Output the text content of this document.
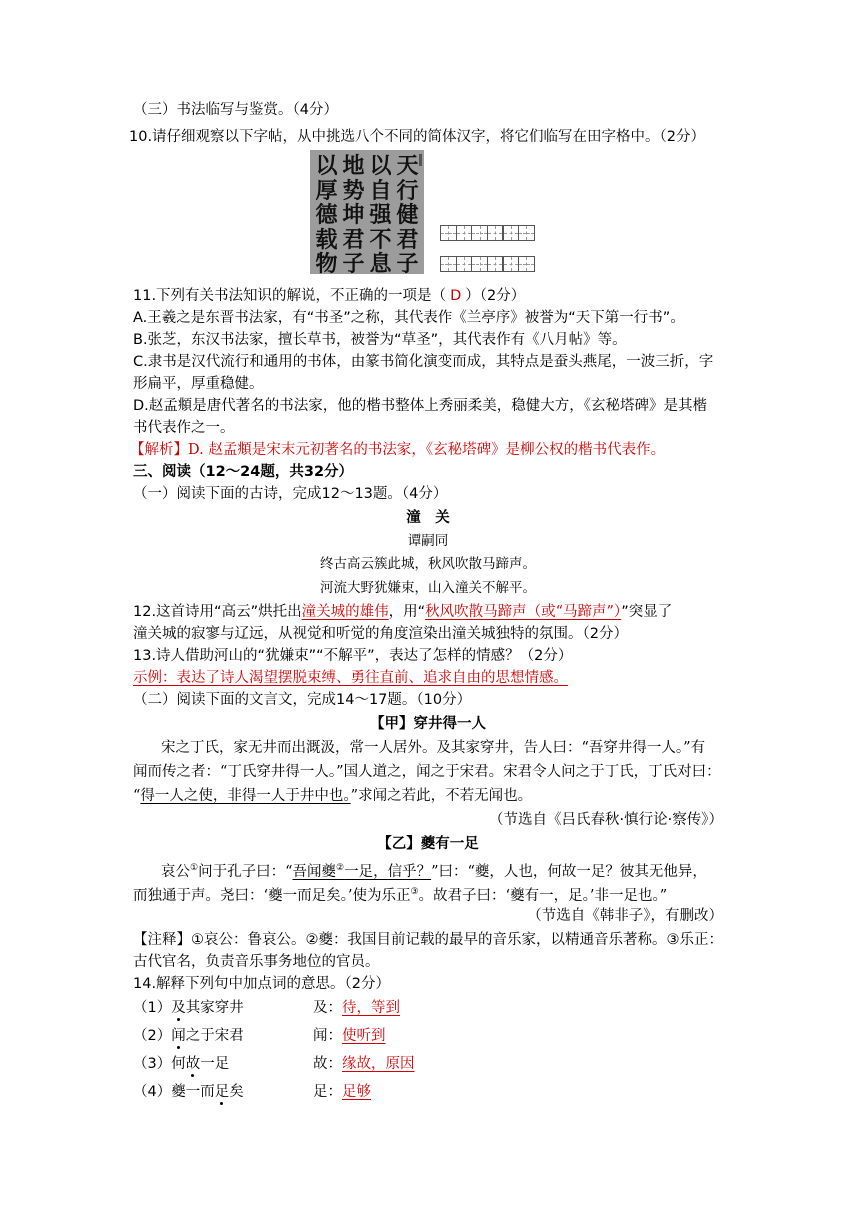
（三）书法临写与鉴赏。（4分）
10.请仔细观察以下字帖，从中挑选八个不同的简体汉字，将它们临写在田字格中。（2分）
天
行
健
君
子
以
自
强
不
息
地
势
坤
君
子
以
厚
德
载
物
11.下列有关书法知识的解说，不正确的一项是（ D ）（2分）
A.王羲之是东晋书法家，有“书圣”之称，其代表作《兰亭序》被誉为“天下第一行书”。
B.张芝，东汉书法家，擅长草书，被誉为“草圣”，其代表作有《八月帖》等。
C.隶书是汉代流行和通用的书体，由篆书简化演变而成，其特点是蚕头燕尾，一波三折，字
形扁平，厚重稳健。
D.赵孟頫是唐代著名的书法家，他的楷书整体上秀丽柔美，稳健大方，《玄秘塔碑》是其楷
书代表作之一。
【解析】D. 赵孟頫是宋末元初著名的书法家，《玄秘塔碑》是柳公权的楷书代表作。
三、阅读（12～24题，共32分）
（一）阅读下面的古诗，完成12～13题。（4分）
潼　关
谭嗣同
终古高云簇此城，秋风吹散马蹄声。
河流大野犹嫌束，山入潼关不解平。
12.这首诗用“高云”烘托出潼关城的雄伟，用“秋风吹散马蹄声（或“马蹄声”）”突显了
潼关城的寂寥与辽远，从视觉和听觉的角度渲染出潼关城独特的氛围。（2分）
13.诗人借助河山的“犹嫌束”“不解平”，表达了怎样的情感？（2分）
示例：表达了诗人渴望摆脱束缚、勇往直前、追求自由的思想情感。
（二）阅读下面的文言文，完成14～17题。（10分）
【甲】穿井得一人
宋之丁氏，家无井而出溉汲，常一人居外。及其家穿井，告人曰：“吾穿井得一人。”有
闻而传之者：“丁氏穿井得一人。”国人道之，闻之于宋君。宋君令人问之于丁氏，丁氏对曰：
“得一人之使，非得一人于井中也。”求闻之若此，不若无闻也。
（节选自《吕氏春秋·慎行论·察传》）
【乙】夔有一足
哀公①问于孔子曰：“吾闻夔②一足，信乎？”曰：“夔，人也，何故一足？彼其无他异，
而独通于声。尧曰：‘夔一而足矣。’使为乐正③。故君子曰：‘夔有一，足。’非一足也。”
（节选自《韩非子》，有删改）
【注释】①哀公：鲁哀公。②夔：我国目前记载的最早的音乐家，以精通音乐著称。③乐正：
古代官名，负责音乐事务地位的官员。
14.解释下列句中加点词的意思。（2分）
（1）及其家穿井	及：待，等到
（2）闻之于宋君	闻：使听到
（3）何故一足	故：缘故，原因
（4）夔一而足矣	足：足够
